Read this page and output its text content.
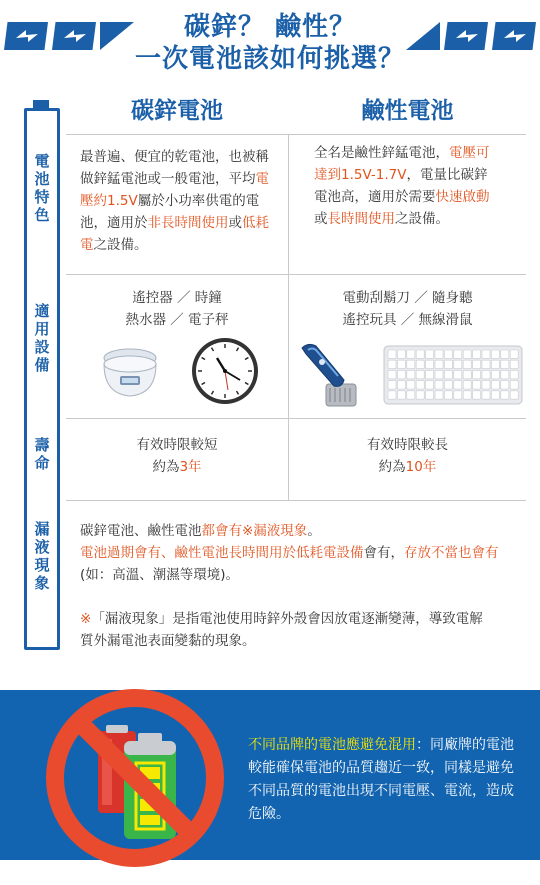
碳鋅？ 鹼性？
一次電池該如何挑選？
電池特色
適用設備
壽命
漏液現象
碳鋅電池	鹼性電池
最普遍、便宜的乾電池，也被稱做鋅錳電池或一般電池，平均電壓約1.5V屬於小功率供電的電池，適用於非長時間使用或低耗電之設備。
全名是鹼性鋅錳電池，電壓可達到1.5V-1.7V，電量比碳鋅電池高，適用於需要快速啟動或長時間使用之設備。
遙控器 ／ 時鐘
熱水器 ／ 電子秤
電動刮鬍刀 ／ 隨身聽
遙控玩具 ／ 無線滑鼠
有效時限較短
約為3年
有效時限較長
約為10年
碳鋅電池、鹼性電池都會有※漏液現象。
電池過期會有、鹼性電池長時間用於低耗電設備會有，存放不當也會有(如：高溫、潮濕等環境)。
※「漏液現象」是指電池使用時鋅外殼會因放電逐漸變薄，導致電解質外漏電池表面變黏的現象。
不同品牌的電池應避免混用：同廠牌的電池較能確保電池的品質趨近一致，同樣是避免不同品質的電池出現不同電壓、電流，造成危險。
